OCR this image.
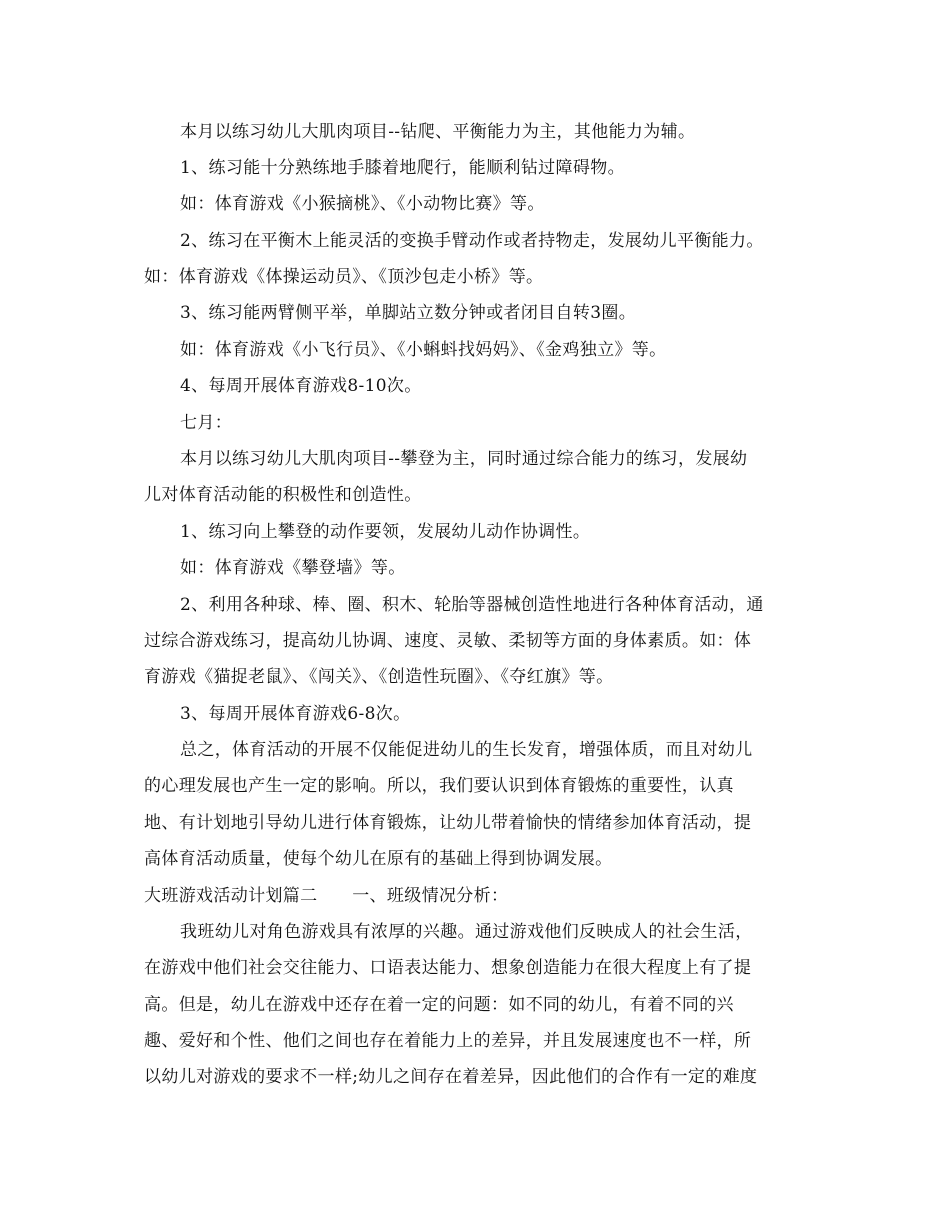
本月以练习幼儿大肌肉项目--钻爬、平衡能力为主，其他能力为辅。
1、练习能十分熟练地手膝着地爬行，能顺利钻过障碍物。
如：体育游戏《小猴摘桃》、《小动物比赛》等。
2、练习在平衡木上能灵活的变换手臂动作或者持物走，发展幼儿平衡能力。
如：体育游戏《体操运动员》、《顶沙包走小桥》等。
3、练习能两臂侧平举，单脚站立数分钟或者闭目自转3圈。
如：体育游戏《小飞行员》、《小蝌蚪找妈妈》、《金鸡独立》等。
4、每周开展体育游戏8-10次。
七月：
本月以练习幼儿大肌肉项目--攀登为主，同时通过综合能力的练习，发展幼
儿对体育活动能的积极性和创造性。
1、练习向上攀登的动作要领，发展幼儿动作协调性。
如：体育游戏《攀登墙》等。
2、利用各种球、棒、圈、积木、轮胎等器械创造性地进行各种体育活动，通
过综合游戏练习，提高幼儿协调、速度、灵敏、柔韧等方面的身体素质。如：体
育游戏《猫捉老鼠》、《闯关》、《创造性玩圈》、《夺红旗》等。
3、每周开展体育游戏6-8次。
总之，体育活动的开展不仅能促进幼儿的生长发育，增强体质，而且对幼儿
的心理发展也产生一定的影响。所以，我们要认识到体育锻炼的重要性，认真
地、有计划地引导幼儿进行体育锻炼，让幼儿带着愉快的情绪参加体育活动，提
高体育活动质量，使每个幼儿在原有的基础上得到协调发展。
大班游戏活动计划篇二　　一、班级情况分析：
我班幼儿对角色游戏具有浓厚的兴趣。通过游戏他们反映成人的社会生活，
在游戏中他们社会交往能力、口语表达能力、想象创造能力在很大程度上有了提
高。但是，幼儿在游戏中还存在着一定的问题：如不同的幼儿，有着不同的兴
趣、爱好和个性、他们之间也存在着能力上的差异，并且发展速度也不一样，所
以幼儿对游戏的要求不一样;幼儿之间存在着差异，因此他们的合作有一定的难度
